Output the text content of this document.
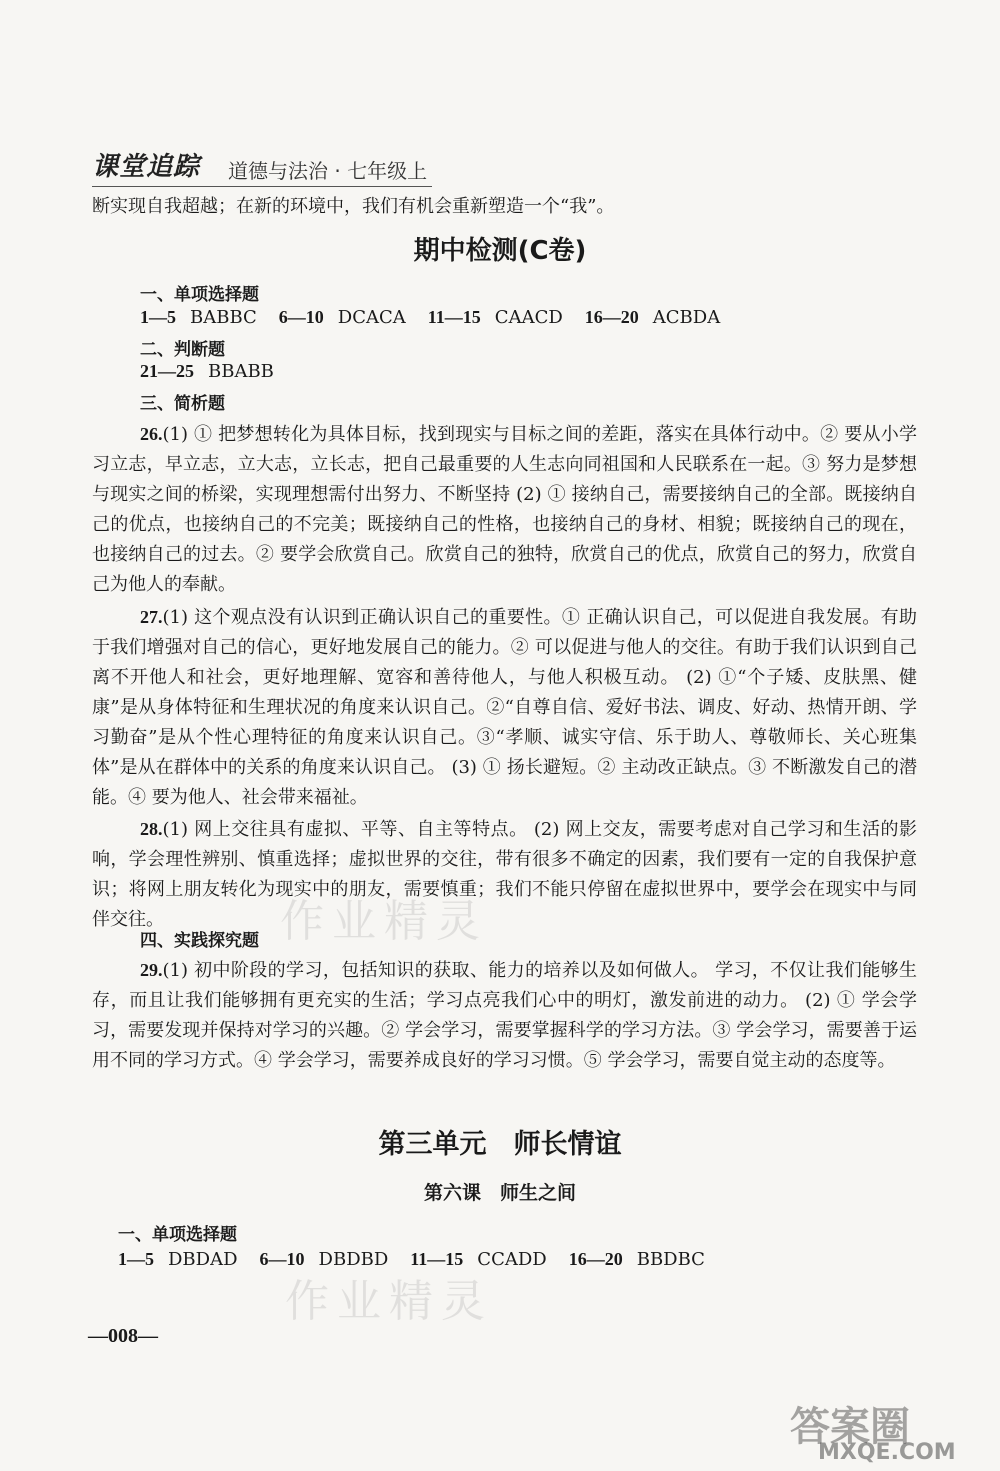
课堂追踪 道德与法治 · 七年级上
断实现自我超越；在新的环境中，我们有机会重新塑造一个“我”。
期中检测(C卷)
一、单项选择题
1—5 BABBC 6—10 DCACA 11—15 CAACD 16—20 ACBDA
二、判断题
21—25 BBABB
三、简析题
26.(1) ① 把梦想转化为具体目标，找到现实与目标之间的差距，落实在具体行动中。② 要从小学习立志，早立志，立大志，立长志，把自己最重要的人生志向同祖国和人民联系在一起。③ 努力是梦想与现实之间的桥梁，实现理想需付出努力、不断坚持 (2) ① 接纳自己，需要接纳自己的全部。既接纳自己的优点，也接纳自己的不完美；既接纳自己的性格，也接纳自己的身材、相貌；既接纳自己的现在，也接纳自己的过去。② 要学会欣赏自己。欣赏自己的独特，欣赏自己的优点，欣赏自己的努力，欣赏自己为他人的奉献。
27.(1) 这个观点没有认识到正确认识自己的重要性。① 正确认识自己，可以促进自我发展。有助于我们增强对自己的信心，更好地发展自己的能力。② 可以促进与他人的交往。有助于我们认识到自己离不开他人和社会，更好地理解、宽容和善待他人，与他人积极互动。 (2) ①“个子矮、皮肤黑、健康”是从身体特征和生理状况的角度来认识自己。②“自尊自信、爱好书法、调皮、好动、热情开朗、学习勤奋”是从个性心理特征的角度来认识自己。③“孝顺、诚实守信、乐于助人、尊敬师长、关心班集体”是从在群体中的关系的角度来认识自己。 (3) ① 扬长避短。② 主动改正缺点。③ 不断激发自己的潜能。④ 要为他人、社会带来福祉。
28.(1) 网上交往具有虚拟、平等、自主等特点。 (2) 网上交友，需要考虑对自己学习和生活的影响，学会理性辨别、慎重选择；虚拟世界的交往，带有很多不确定的因素，我们要有一定的自我保护意识；将网上朋友转化为现实中的朋友，需要慎重；我们不能只停留在虚拟世界中，要学会在现实中与同伴交往。
四、实践探究题
29.(1) 初中阶段的学习，包括知识的获取、能力的培养以及如何做人。 学习，不仅让我们能够生存，而且让我们能够拥有更充实的生活；学习点亮我们心中的明灯，激发前进的动力。 (2) ① 学会学习，需要发现并保持对学习的兴趣。② 学会学习，需要掌握科学的学习方法。③ 学会学习，需要善于运用不同的学习方式。④ 学会学习，需要养成良好的学习习惯。⑤ 学会学习，需要自觉主动的态度等。
第三单元　师长情谊
第六课　师生之间
一、单项选择题
1—5 DBDAD 6—10 DBDBD 11—15 CCADD 16—20 BBDBC
—008—
作业精灵
作业精灵
答案圈
MXQE.COM
